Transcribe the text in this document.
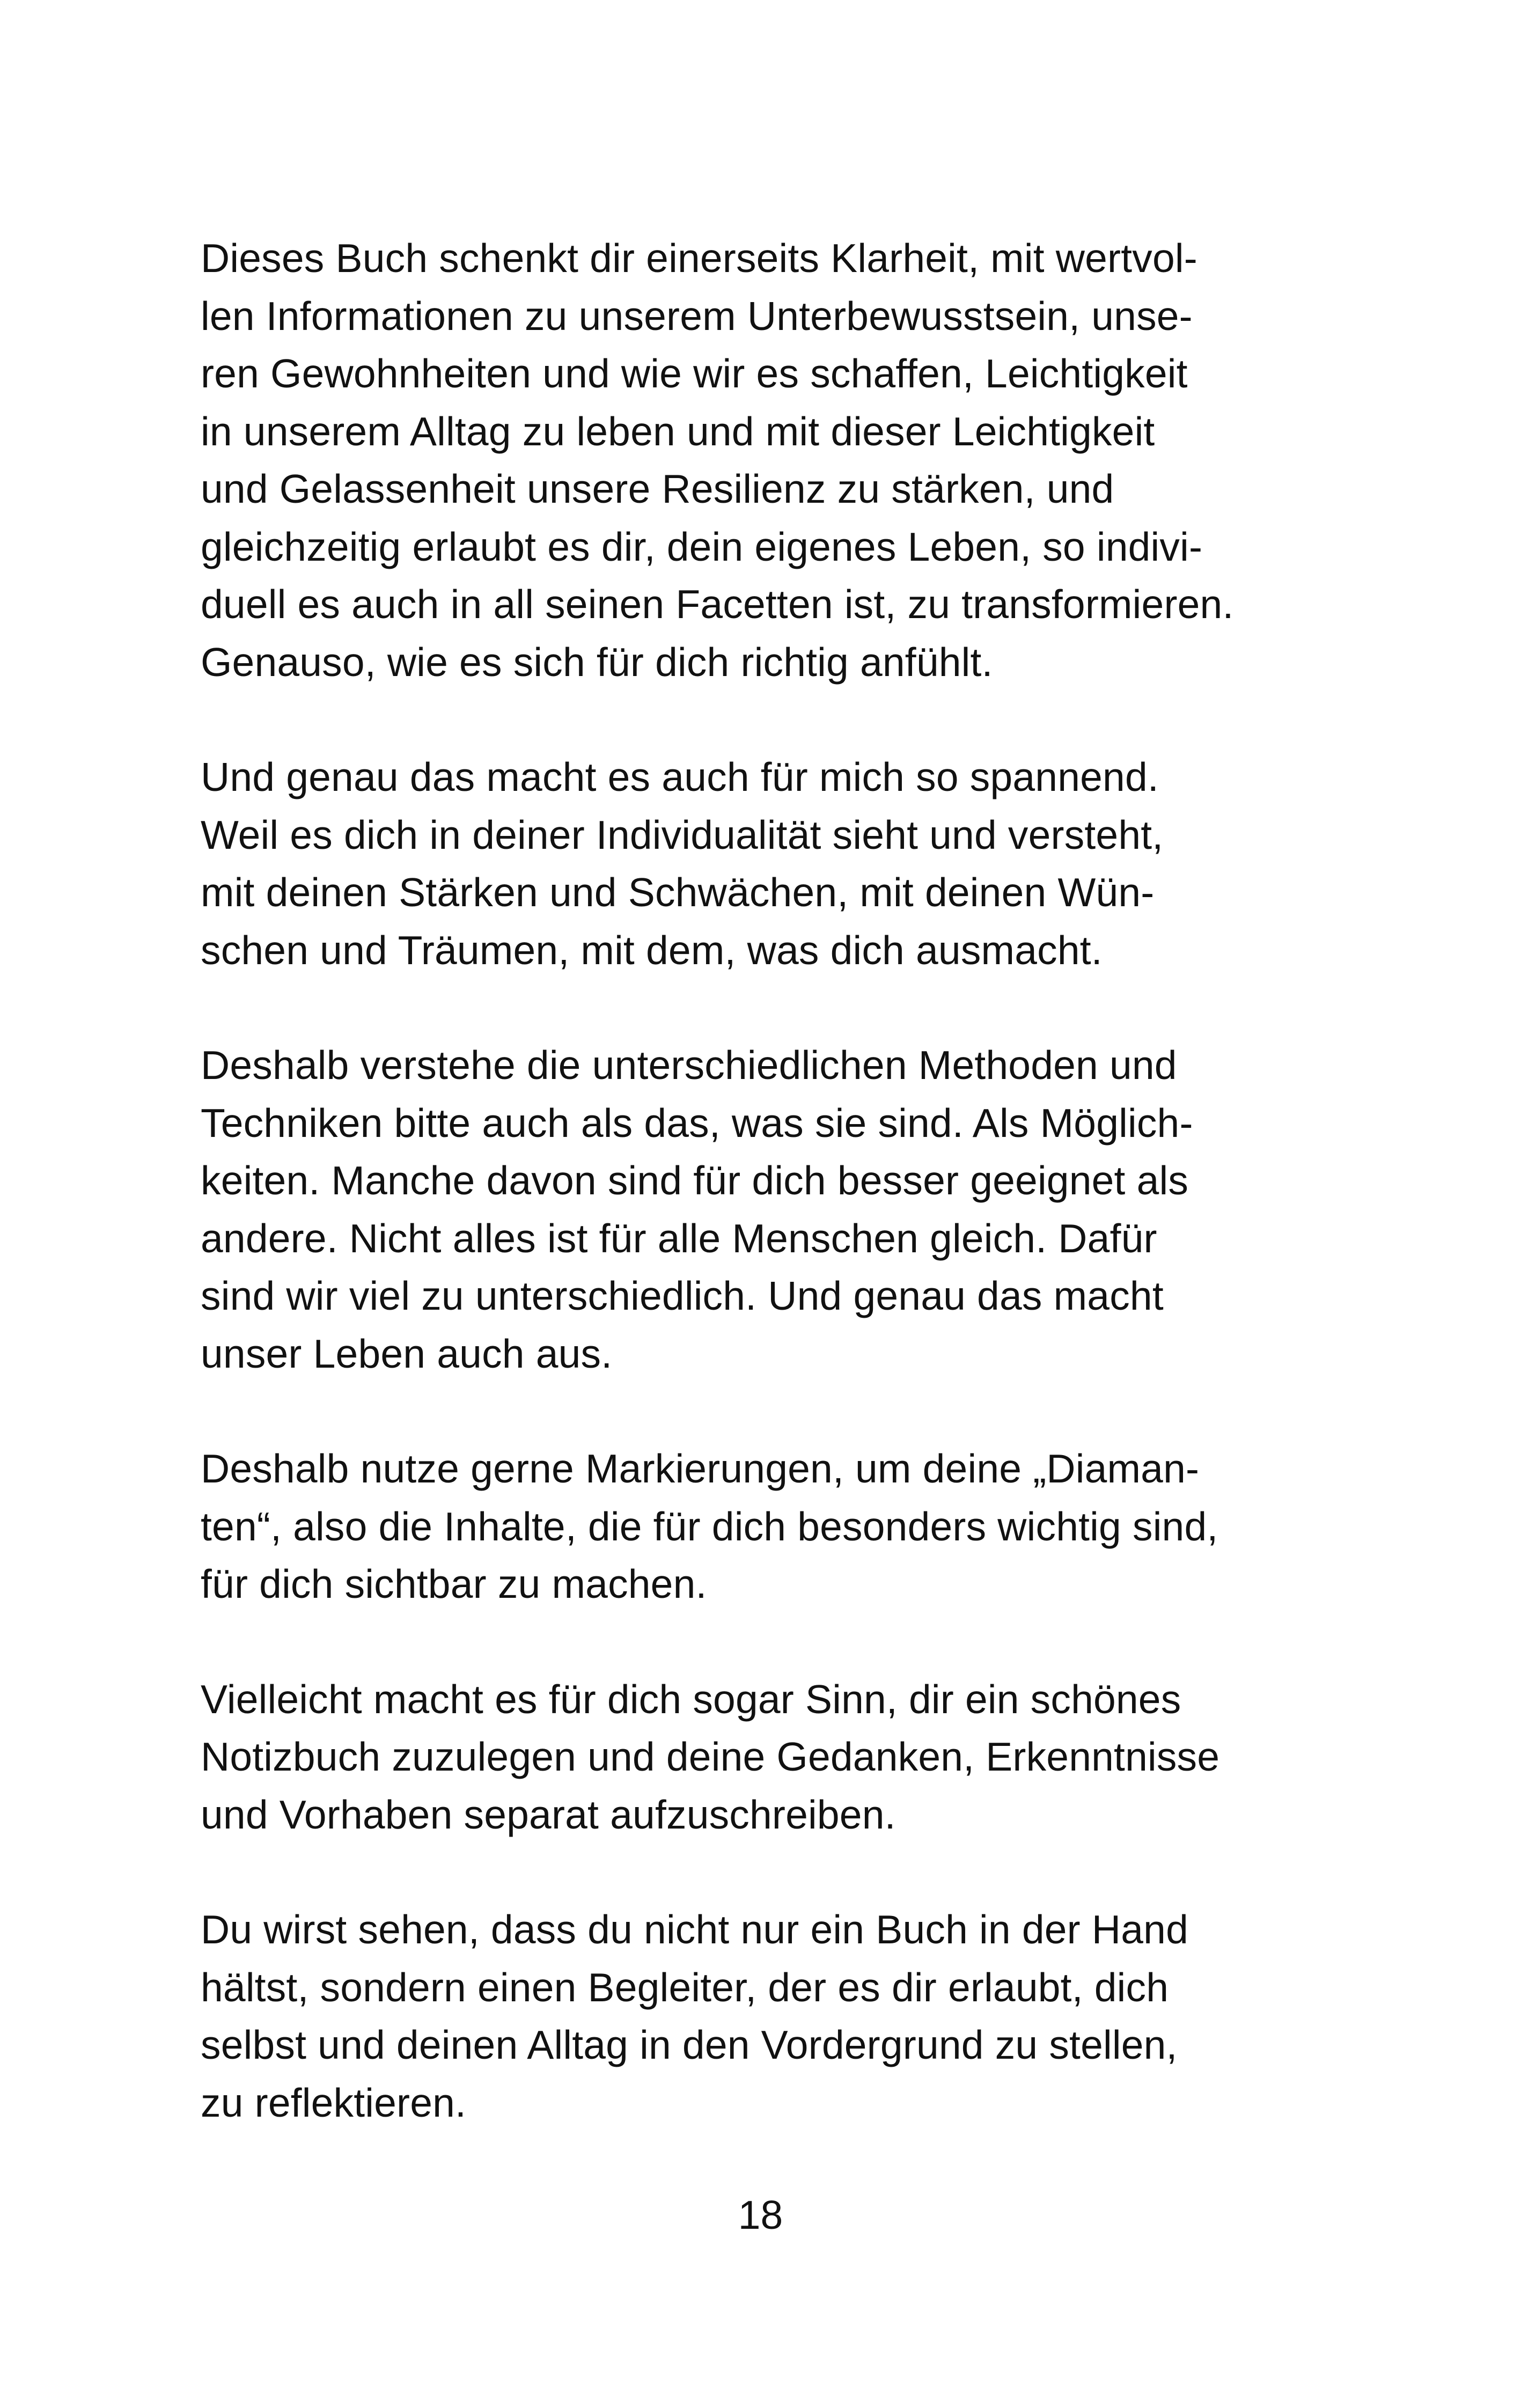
Dieses Buch schenkt dir einerseits Klarheit, mit wertvol-
len Informationen zu unserem Unterbewusstsein, unse-
ren Gewohnheiten und wie wir es schaffen, Leichtigkeit
in unserem Alltag zu leben und mit dieser Leichtigkeit
und Gelassenheit unsere Resilienz zu stärken, und
gleichzeitig erlaubt es dir, dein eigenes Leben, so indivi-
duell es auch in all seinen Facetten ist, zu transformieren.
Genauso, wie es sich für dich richtig anfühlt.

Und genau das macht es auch für mich so spannend.
Weil es dich in deiner Individualität sieht und versteht,
mit deinen Stärken und Schwächen, mit deinen Wün-
schen und Träumen, mit dem, was dich ausmacht.

Deshalb verstehe die unterschiedlichen Methoden und
Techniken bitte auch als das, was sie sind. Als Möglich-
keiten. Manche davon sind für dich besser geeignet als
andere. Nicht alles ist für alle Menschen gleich. Dafür
sind wir viel zu unterschiedlich. Und genau das macht
unser Leben auch aus.

Deshalb nutze gerne Markierungen, um deine „Diaman-
ten“, also die Inhalte, die für dich besonders wichtig sind,
für dich sichtbar zu machen.

Vielleicht macht es für dich sogar Sinn, dir ein schönes
Notizbuch zuzulegen und deine Gedanken, Erkenntnisse
und Vorhaben separat aufzuschreiben.

Du wirst sehen, dass du nicht nur ein Buch in der Hand
hältst, sondern einen Begleiter, der es dir erlaubt, dich
selbst und deinen Alltag in den Vordergrund zu stellen,
zu reflektieren.

18
